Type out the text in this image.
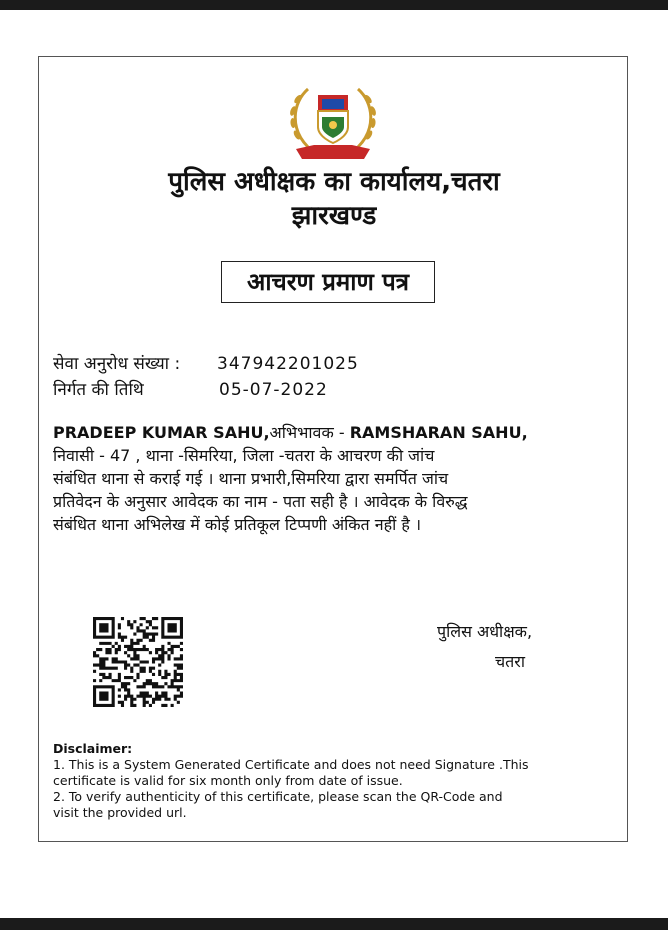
पुलिस अधीक्षक का कार्यालय,चतरा
झारखण्ड
आचरण प्रमाण पत्र
सेवा अनुरोध संख्या : 347942201025
निर्गत की तिथि	05-07-2022
PRADEEP KUMAR SAHU,अभिभावक - RAMSHARAN SAHU,
निवासी - 47 , थाना -सिमरिया, जिला -चतरा के आचरण की जांच
संबंधित थाना से कराई गई । थाना प्रभारी,सिमरिया द्वारा समर्पित जांच
प्रतिवेदन के अनुसार आवेदक का नाम - पता सही है । आवेदक के विरुद्ध
संबंधित थाना अभिलेख में कोई प्रतिकूल टिप्पणी अंकित नहीं है ।
पुलिस अधीक्षक,
चतरा
Disclaimer:
1. This is a System Generated Certificate and does not need Signature .This
certificate is valid for six month only from date of issue.
2. To verify authenticity of this certificate, please scan the QR-Code and
visit the provided url.
